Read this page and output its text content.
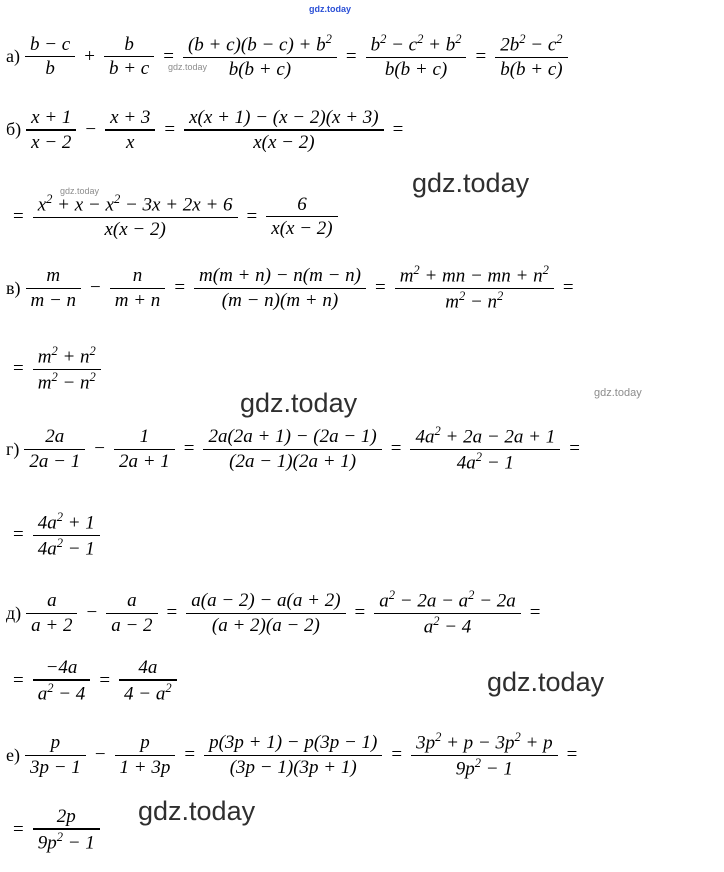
gdz.today
gdz.today
gdz.today	gdz.today
gdz.today	gdz.today
gdz.today
gdz.today
$а) \frac{b - c}{b} + \frac{b}{b + c} = \frac{(b + c)(b - c) + b^2}{b(b + c)} = \frac{b^2 - c^2 + b^2}{b(b + c)} = \frac{2b^2 - c^2}{b(b + c)}$
$б) \frac{x + 1}{x - 2} - \frac{x + 3}{x} = \frac{x(x + 1) - (x - 2)(x + 3)}{x(x - 2)}$ =
= $\frac{x^2 + x - x^2 - 3x + 2x + 6}{x(x - 2)} = \frac{6}{x(x - 2)}$
$в) \frac{m}{m - n} - \frac{n}{m + n} = \frac{m(m + n) - n(m - n)}{(m - n)(m + n)} = \frac{m^2 + mn - mn + n^2}{m^2 - n^2}$ =
= $\frac{m^2 + n^2}{m^2 - n^2}$
$г) \frac{2a}{2a - 1} - \frac{1}{2a + 1} = \frac{2a(2a + 1) - (2a - 1)}{(2a - 1)(2a + 1)} = \frac{4a^2 + 2a - 2a + 1}{4a^2 - 1}$ =
= $\frac{4a^2 + 1}{4a^2 - 1}$
$д) \frac{a}{a + 2} - \frac{a}{a - 2} = \frac{a(a - 2) - a(a + 2)}{(a + 2)(a - 2)} = \frac{a^2 - 2a - a^2 - 2a}{a^2 - 4}$ =
= $\frac{-4a}{a^2 - 4} = \frac{4a}{4 - a^2}$
$е) \frac{p}{3p - 1} - \frac{p}{1 + 3p} = \frac{p(3p + 1) - p(3p - 1)}{(3p - 1)(3p + 1)} = \frac{3p^2 + p - 3p^2 + p}{9p^2 - 1}$ =
= $\frac{2p}{9p^2 - 1}$
